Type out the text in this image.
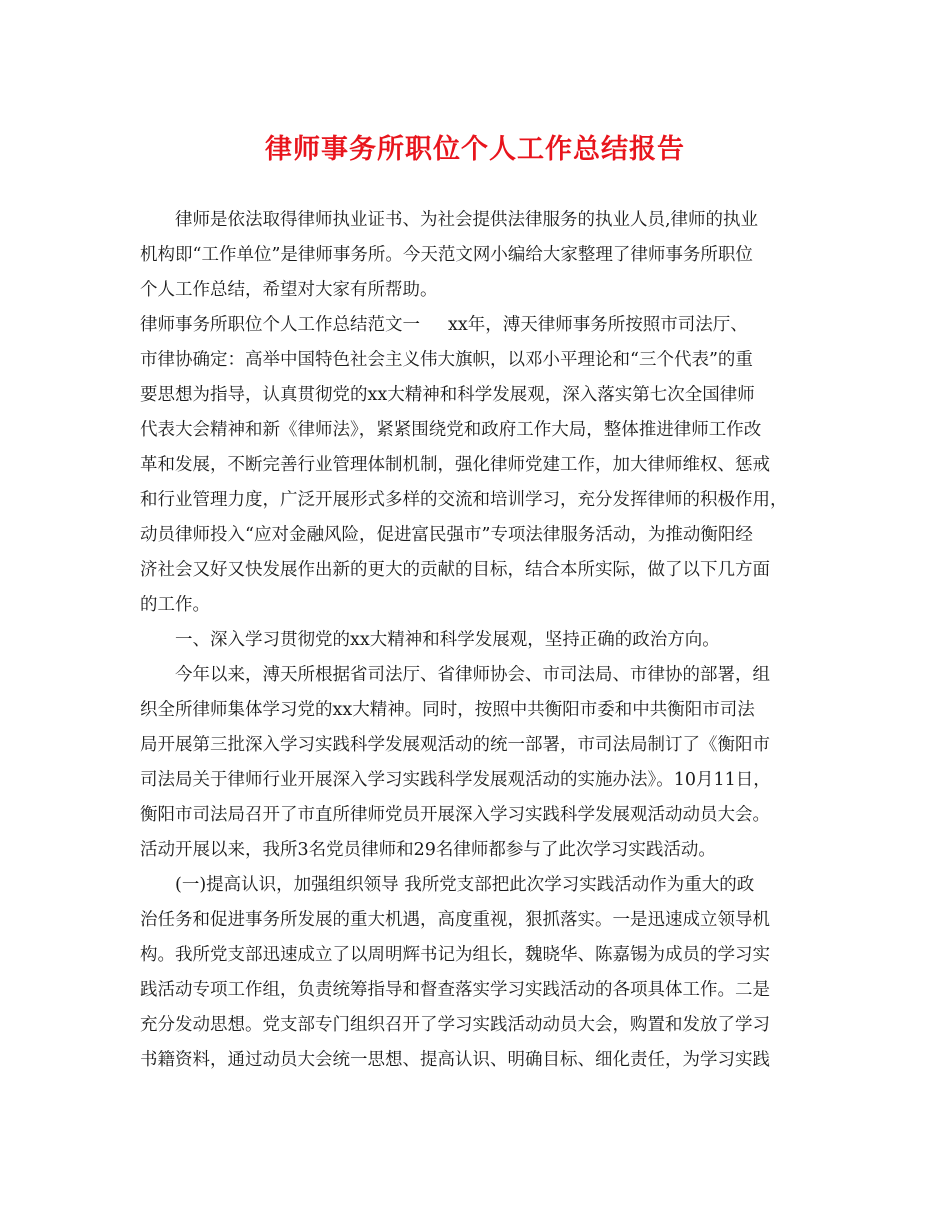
律师事务所职位个人工作总结报告
律师是依法取得律师执业证书、为社会提供法律服务的执业人员,律师的执业
机构即“工作单位”是律师事务所。今天范文网小编给大家整理了律师事务所职位
个人工作总结，希望对大家有所帮助。
律师事务所职位个人工作总结范文一 xx年，溥天律师事务所按照市司法厅、
市律协确定：高举中国特色社会主义伟大旗帜，以邓小平理论和“三个代表”的重
要思想为指导，认真贯彻党的xx大精神和科学发展观，深入落实第七次全国律师
代表大会精神和新《律师法》，紧紧围绕党和政府工作大局，整体推进律师工作改
革和发展，不断完善行业管理体制机制，强化律师党建工作，加大律师维权、惩戒
和行业管理力度，广泛开展形式多样的交流和培训学习，充分发挥律师的积极作用，
动员律师投入“应对金融风险，促进富民强市”专项法律服务活动，为推动衡阳经
济社会又好又快发展作出新的更大的贡献的目标，结合本所实际，做了以下几方面
的工作。
一、深入学习贯彻党的xx大精神和科学发展观，坚持正确的政治方向。
今年以来，溥天所根据省司法厅、省律师协会、市司法局、市律协的部署，组
织全所律师集体学习党的xx大精神。同时，按照中共衡阳市委和中共衡阳市司法
局开展第三批深入学习实践科学发展观活动的统一部署，市司法局制订了《衡阳市
司法局关于律师行业开展深入学习实践科学发展观活动的实施办法》。10月11日，
衡阳市司法局召开了市直所律师党员开展深入学习实践科学发展观活动动员大会。
活动开展以来，我所3名党员律师和29名律师都参与了此次学习实践活动。
(一)提高认识，加强组织领导 我所党支部把此次学习实践活动作为重大的政
治任务和促进事务所发展的重大机遇，高度重视，狠抓落实。一是迅速成立领导机
构。我所党支部迅速成立了以周明辉书记为组长，魏晓华、陈嘉锡为成员的学习实
践活动专项工作组，负责统筹指导和督查落实学习实践活动的各项具体工作。二是
充分发动思想。党支部专门组织召开了学习实践活动动员大会，购置和发放了学习
书籍资料，通过动员大会统一思想、提高认识、明确目标、细化责任，为学习实践
